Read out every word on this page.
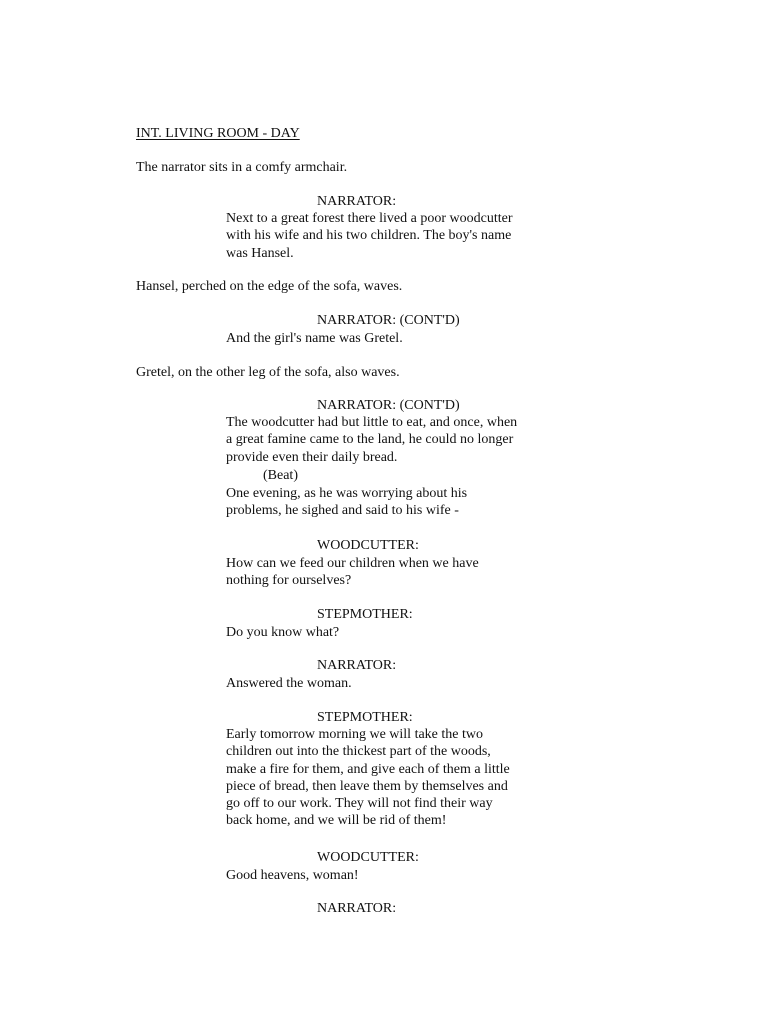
INT. LIVING ROOM - DAY
The narrator sits in a comfy armchair.
NARRATOR:
Next to a great forest there lived a poor woodcutter
with his wife and his two children. The boy's name
was Hansel.
Hansel, perched on the edge of the sofa, waves.
NARRATOR: (CONT'D)
And the girl's name was Gretel.
Gretel, on the other leg of the sofa, also waves.
NARRATOR: (CONT'D)
The woodcutter had but little to eat, and once, when
a great famine came to the land, he could no longer
provide even their daily bread.
(Beat)
One evening, as he was worrying about his
problems, he sighed and said to his wife -
WOODCUTTER:
How can we feed our children when we have
nothing for ourselves?
STEPMOTHER:
Do you know what?
NARRATOR:
Answered the woman.
STEPMOTHER:
Early tomorrow morning we will take the two
children out into the thickest part of the woods,
make a fire for them, and give each of them a little
piece of bread, then leave them by themselves and
go off to our work. They will not find their way
back home, and we will be rid of them!
WOODCUTTER:
Good heavens, woman!
NARRATOR:
